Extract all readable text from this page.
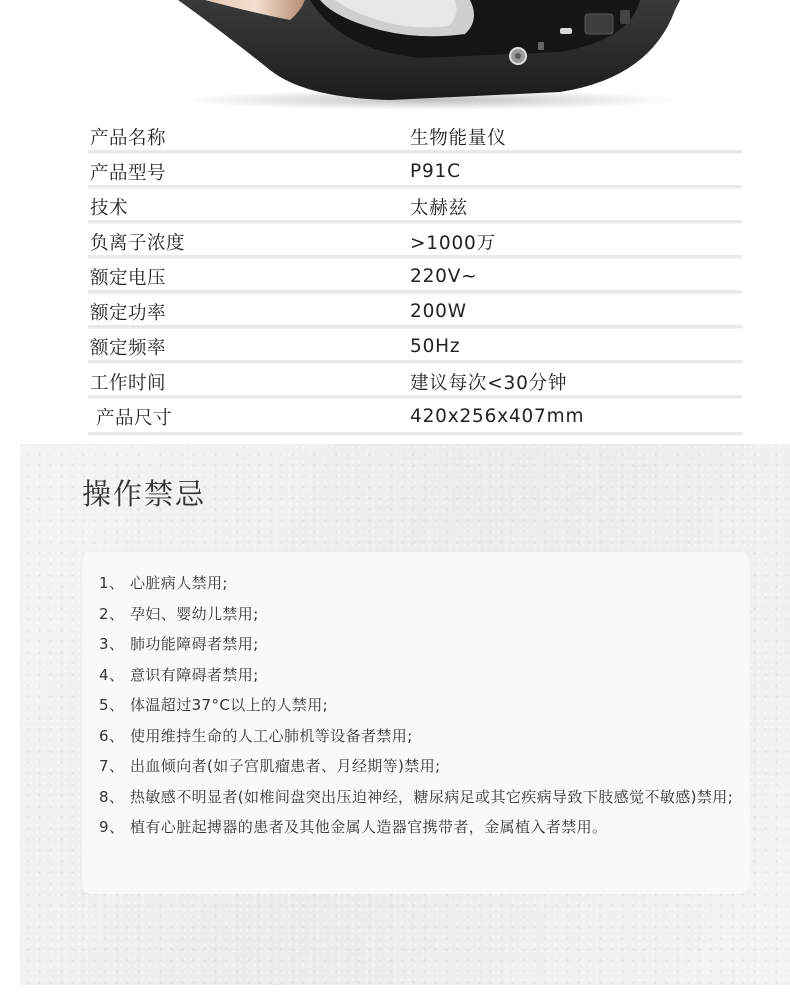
产品名称	生物能量仪
产品型号	P91C
技术	太赫兹
负离子浓度	>1000万
额定电压	220V~
额定功率	200W
额定频率	50Hz
工作时间	建议每次<30分钟
产品尺寸	420x256x407mm
操作禁忌
1、 心脏病人禁用;
2、 孕妇、婴幼儿禁用;
3、 肺功能障碍者禁用;
4、 意识有障碍者禁用;
5、 体温超过37°C以上的人禁用;
6、 使用维持生命的人工心肺机等设备者禁用;
7、 出血倾向者(如子宫肌瘤患者、月经期等)禁用;
8、 热敏感不明显者(如椎间盘突出压迫神经，糖尿病足或其它疾病导致下肢感觉不敏感)禁用;
9、 植有心脏起搏器的患者及其他金属人造器官携带者，金属植入者禁用。
